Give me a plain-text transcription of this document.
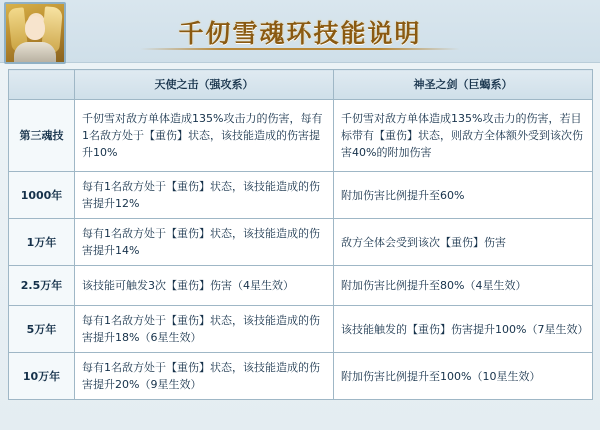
千仞雪魂环技能说明
	天使之击（强攻系）	神圣之剑（巨蝎系）
第三魂技	千仞雪对敌方单体造成135%攻击力的伤害，每有1名敌方处于【重伤】状态，该技能造成的伤害提升10%	千仞雪对敌方单体造成135%攻击力的伤害，若目标带有【重伤】状态，则敌方全体额外受到该次伤害40%的附加伤害
1000年	每有1名敌方处于【重伤】状态，该技能造成的伤害提升12%	附加伤害比例提升至60%
1万年	每有1名敌方处于【重伤】状态，该技能造成的伤害提升14%	敌方全体会受到该次【重伤】伤害
2.5万年	该技能可触发3次【重伤】伤害（4星生效）	附加伤害比例提升至80%（4星生效）
5万年	每有1名敌方处于【重伤】状态，该技能造成的伤害提升18%（6星生效）	该技能触发的【重伤】伤害提升100%（7星生效）
10万年	每有1名敌方处于【重伤】状态，该技能造成的伤害提升20%（9星生效）	附加伤害比例提升至100%（10星生效）
